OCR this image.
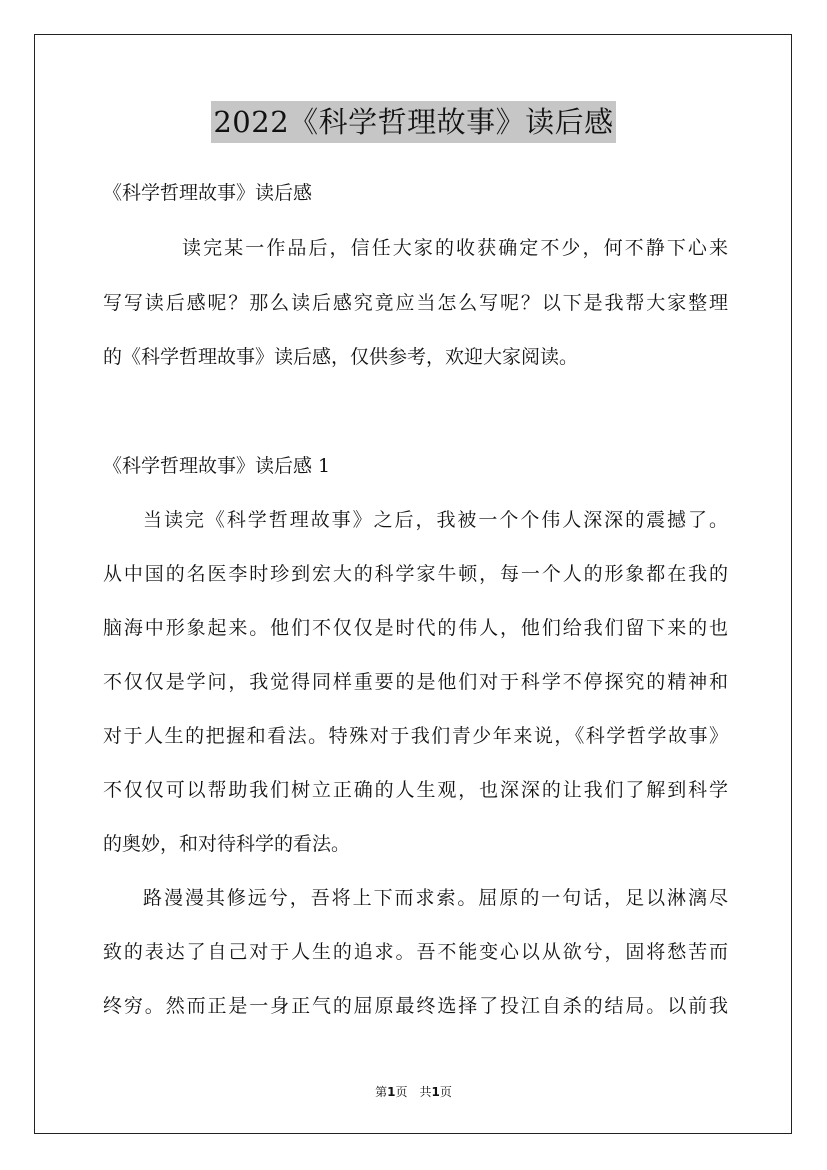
2022《科学哲理故事》读后感
《科学哲理故事》读后感
读完某一作品后，信任大家的收获确定不少，何不静下心来
写写读后感呢？那么读后感究竟应当怎么写呢？以下是我帮大家整理
的《科学哲理故事》读后感，仅供参考，欢迎大家阅读。
《科学哲理故事》读后感 1
当读完《科学哲理故事》之后，我被一个个伟人深深的震撼了。
从中国的名医李时珍到宏大的科学家牛顿，每一个人的形象都在我的
脑海中形象起来。他们不仅仅是时代的伟人，他们给我们留下来的也
不仅仅是学问，我觉得同样重要的是他们对于科学不停探究的精神和
对于人生的把握和看法。特殊对于我们青少年来说，《科学哲学故事》
不仅仅可以帮助我们树立正确的人生观，也深深的让我们了解到科学
的奥妙，和对待科学的看法。
路漫漫其修远兮，吾将上下而求索。屈原的一句话，足以淋漓尽
致的表达了自己对于人生的追求。吾不能变心以从欲兮，固将愁苦而
终穷。然而正是一身正气的屈原最终选择了投江自杀的结局。以前我
第1页　共1页
